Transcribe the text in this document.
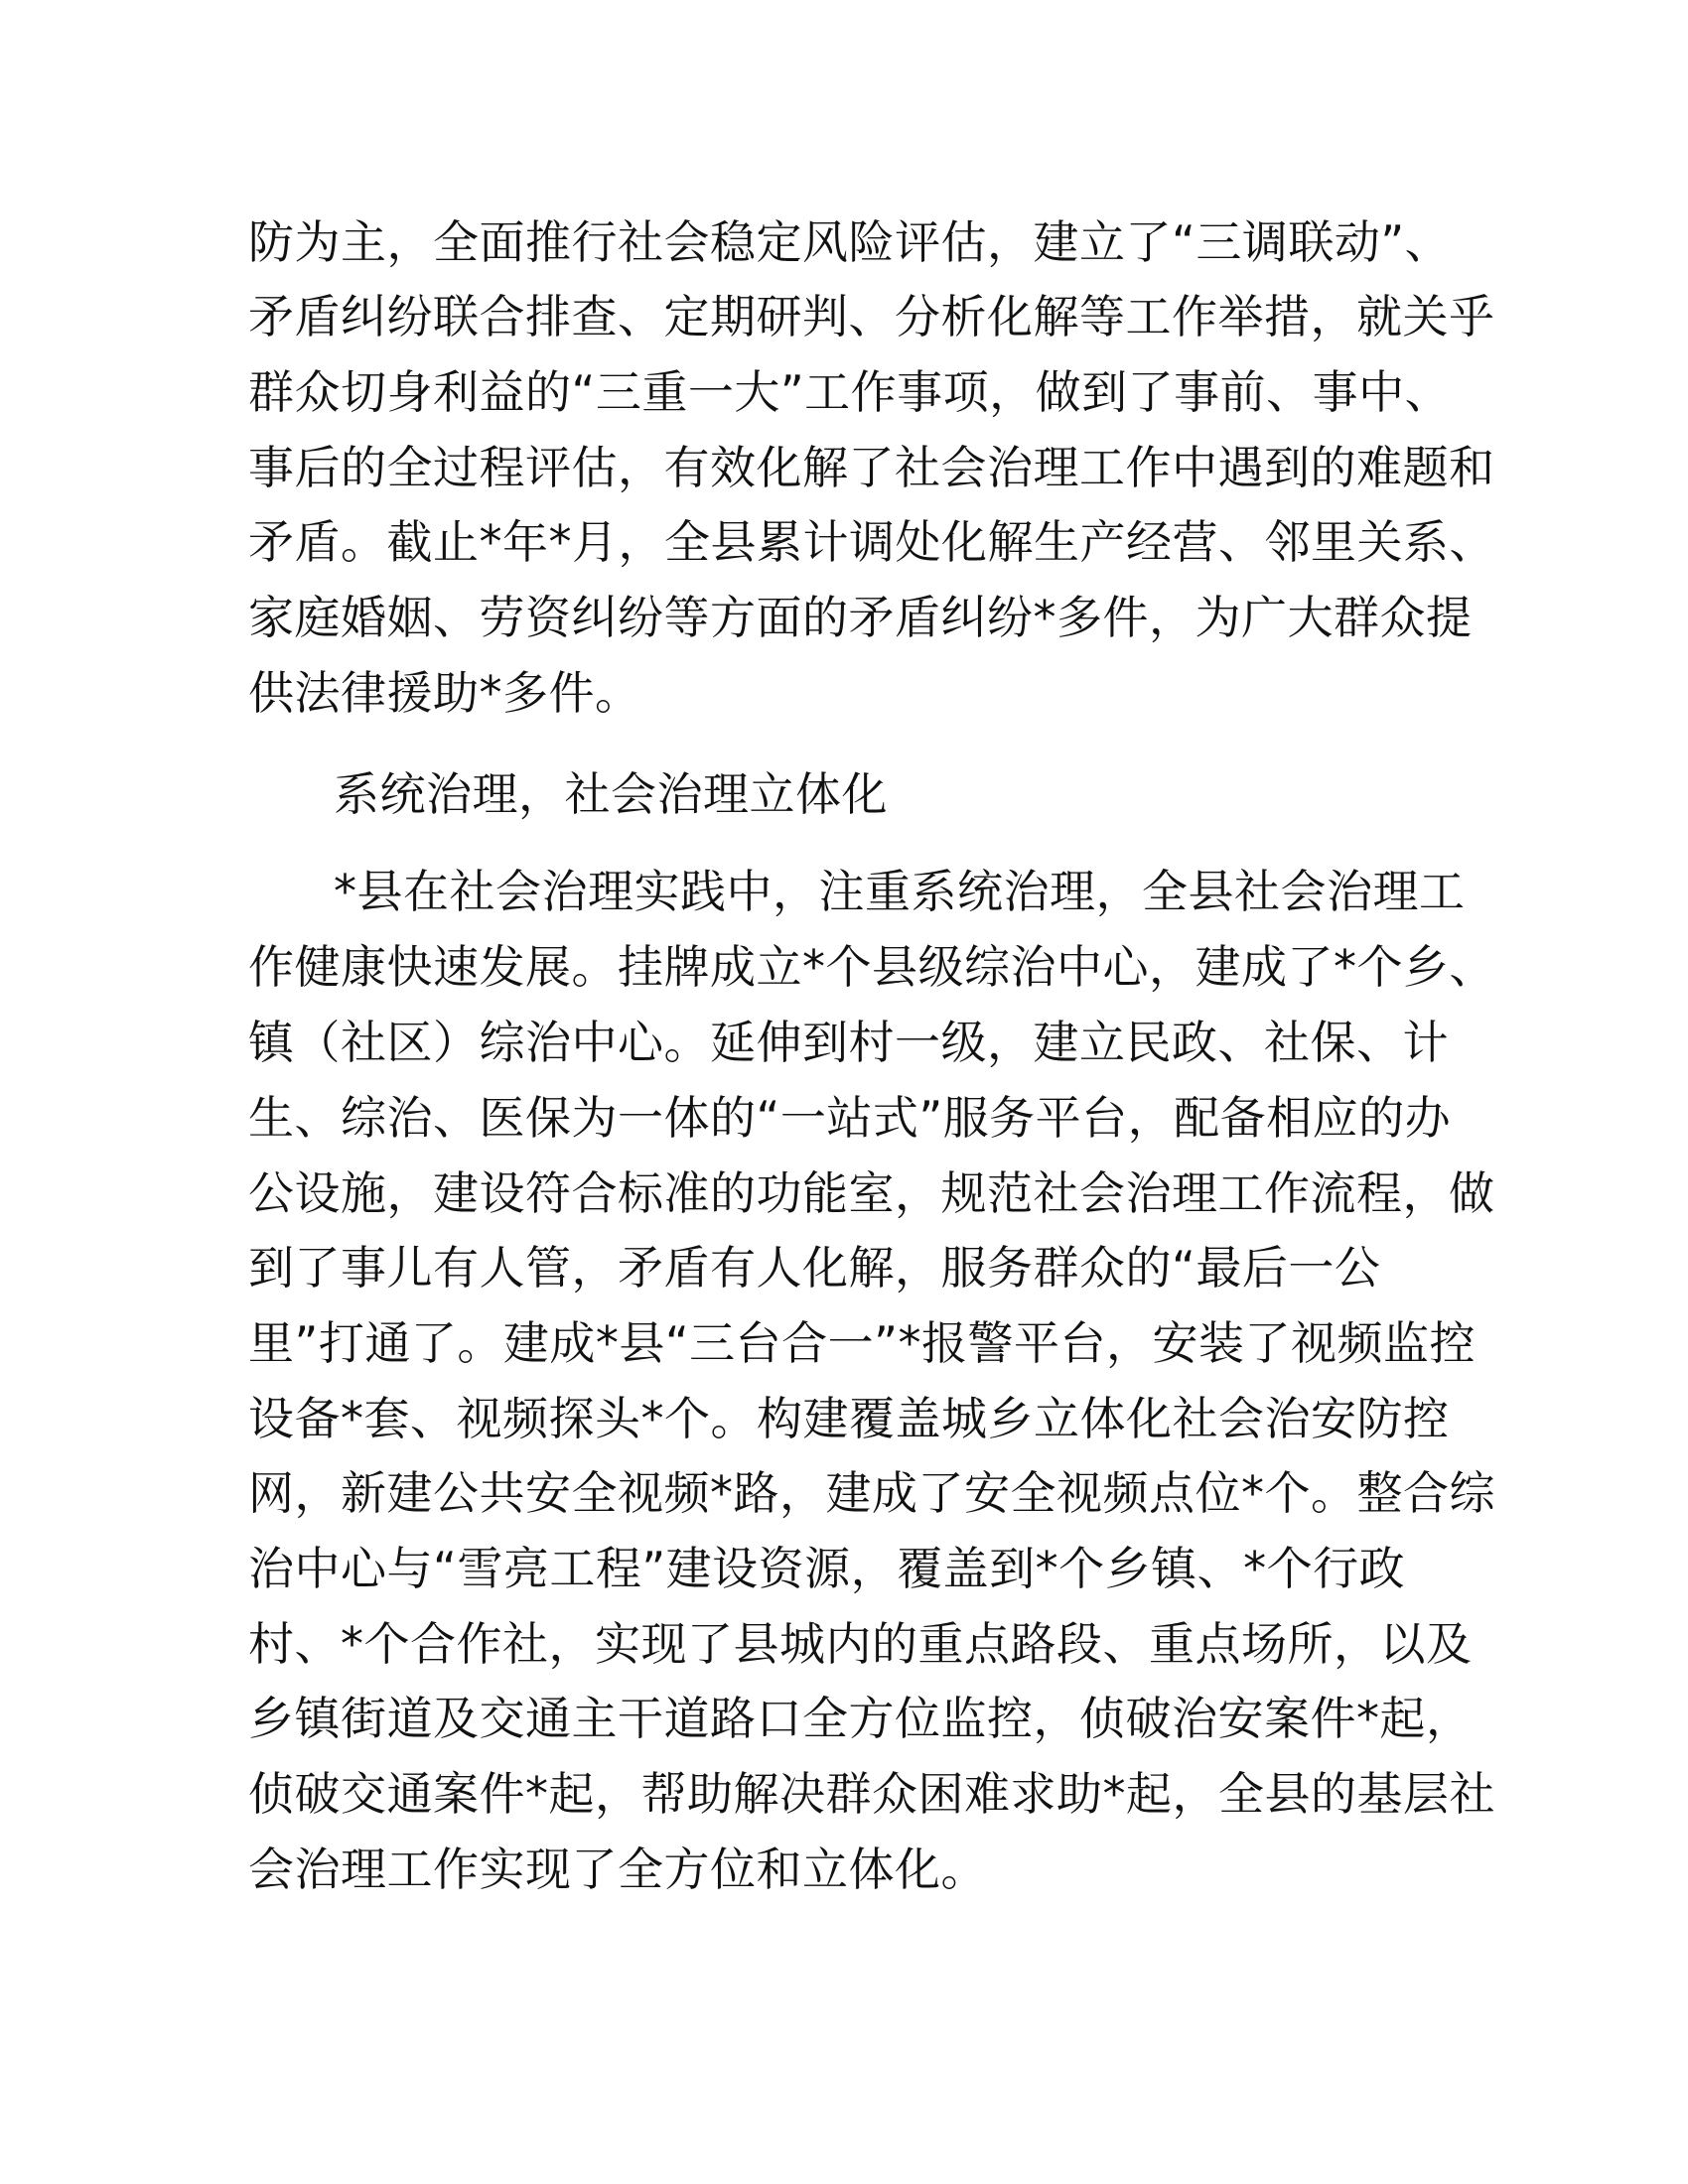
防为主，全面推行社会稳定风险评估，建立了“三调联动”、
矛盾纠纷联合排查、定期研判、分析化解等工作举措，就关乎
群众切身利益的“三重一大”工作事项，做到了事前、事中、
事后的全过程评估，有效化解了社会治理工作中遇到的难题和
矛盾。截止*年*月，全县累计调处化解生产经营、邻里关系、
家庭婚姻、劳资纠纷等方面的矛盾纠纷*多件，为广大群众提
供法律援助*多件。
系统治理，社会治理立体化
*县在社会治理实践中，注重系统治理，全县社会治理工
作健康快速发展。挂牌成立*个县级综治中心，建成了*个乡、
镇（社区）综治中心。延伸到村一级，建立民政、社保、计
生、综治、医保为一体的“一站式”服务平台，配备相应的办
公设施，建设符合标准的功能室，规范社会治理工作流程，做
到了事儿有人管，矛盾有人化解，服务群众的“最后一公
里”打通了。建成*县“三台合一”*报警平台，安装了视频监控
设备*套、视频探头*个。构建覆盖城乡立体化社会治安防控
网，新建公共安全视频*路，建成了安全视频点位*个。整合综
治中心与“雪亮工程”建设资源，覆盖到*个乡镇、*个行政
村、*个合作社，实现了县城内的重点路段、重点场所，以及
乡镇街道及交通主干道路口全方位监控，侦破治安案件*起，
侦破交通案件*起，帮助解决群众困难求助*起，全县的基层社
会治理工作实现了全方位和立体化。
